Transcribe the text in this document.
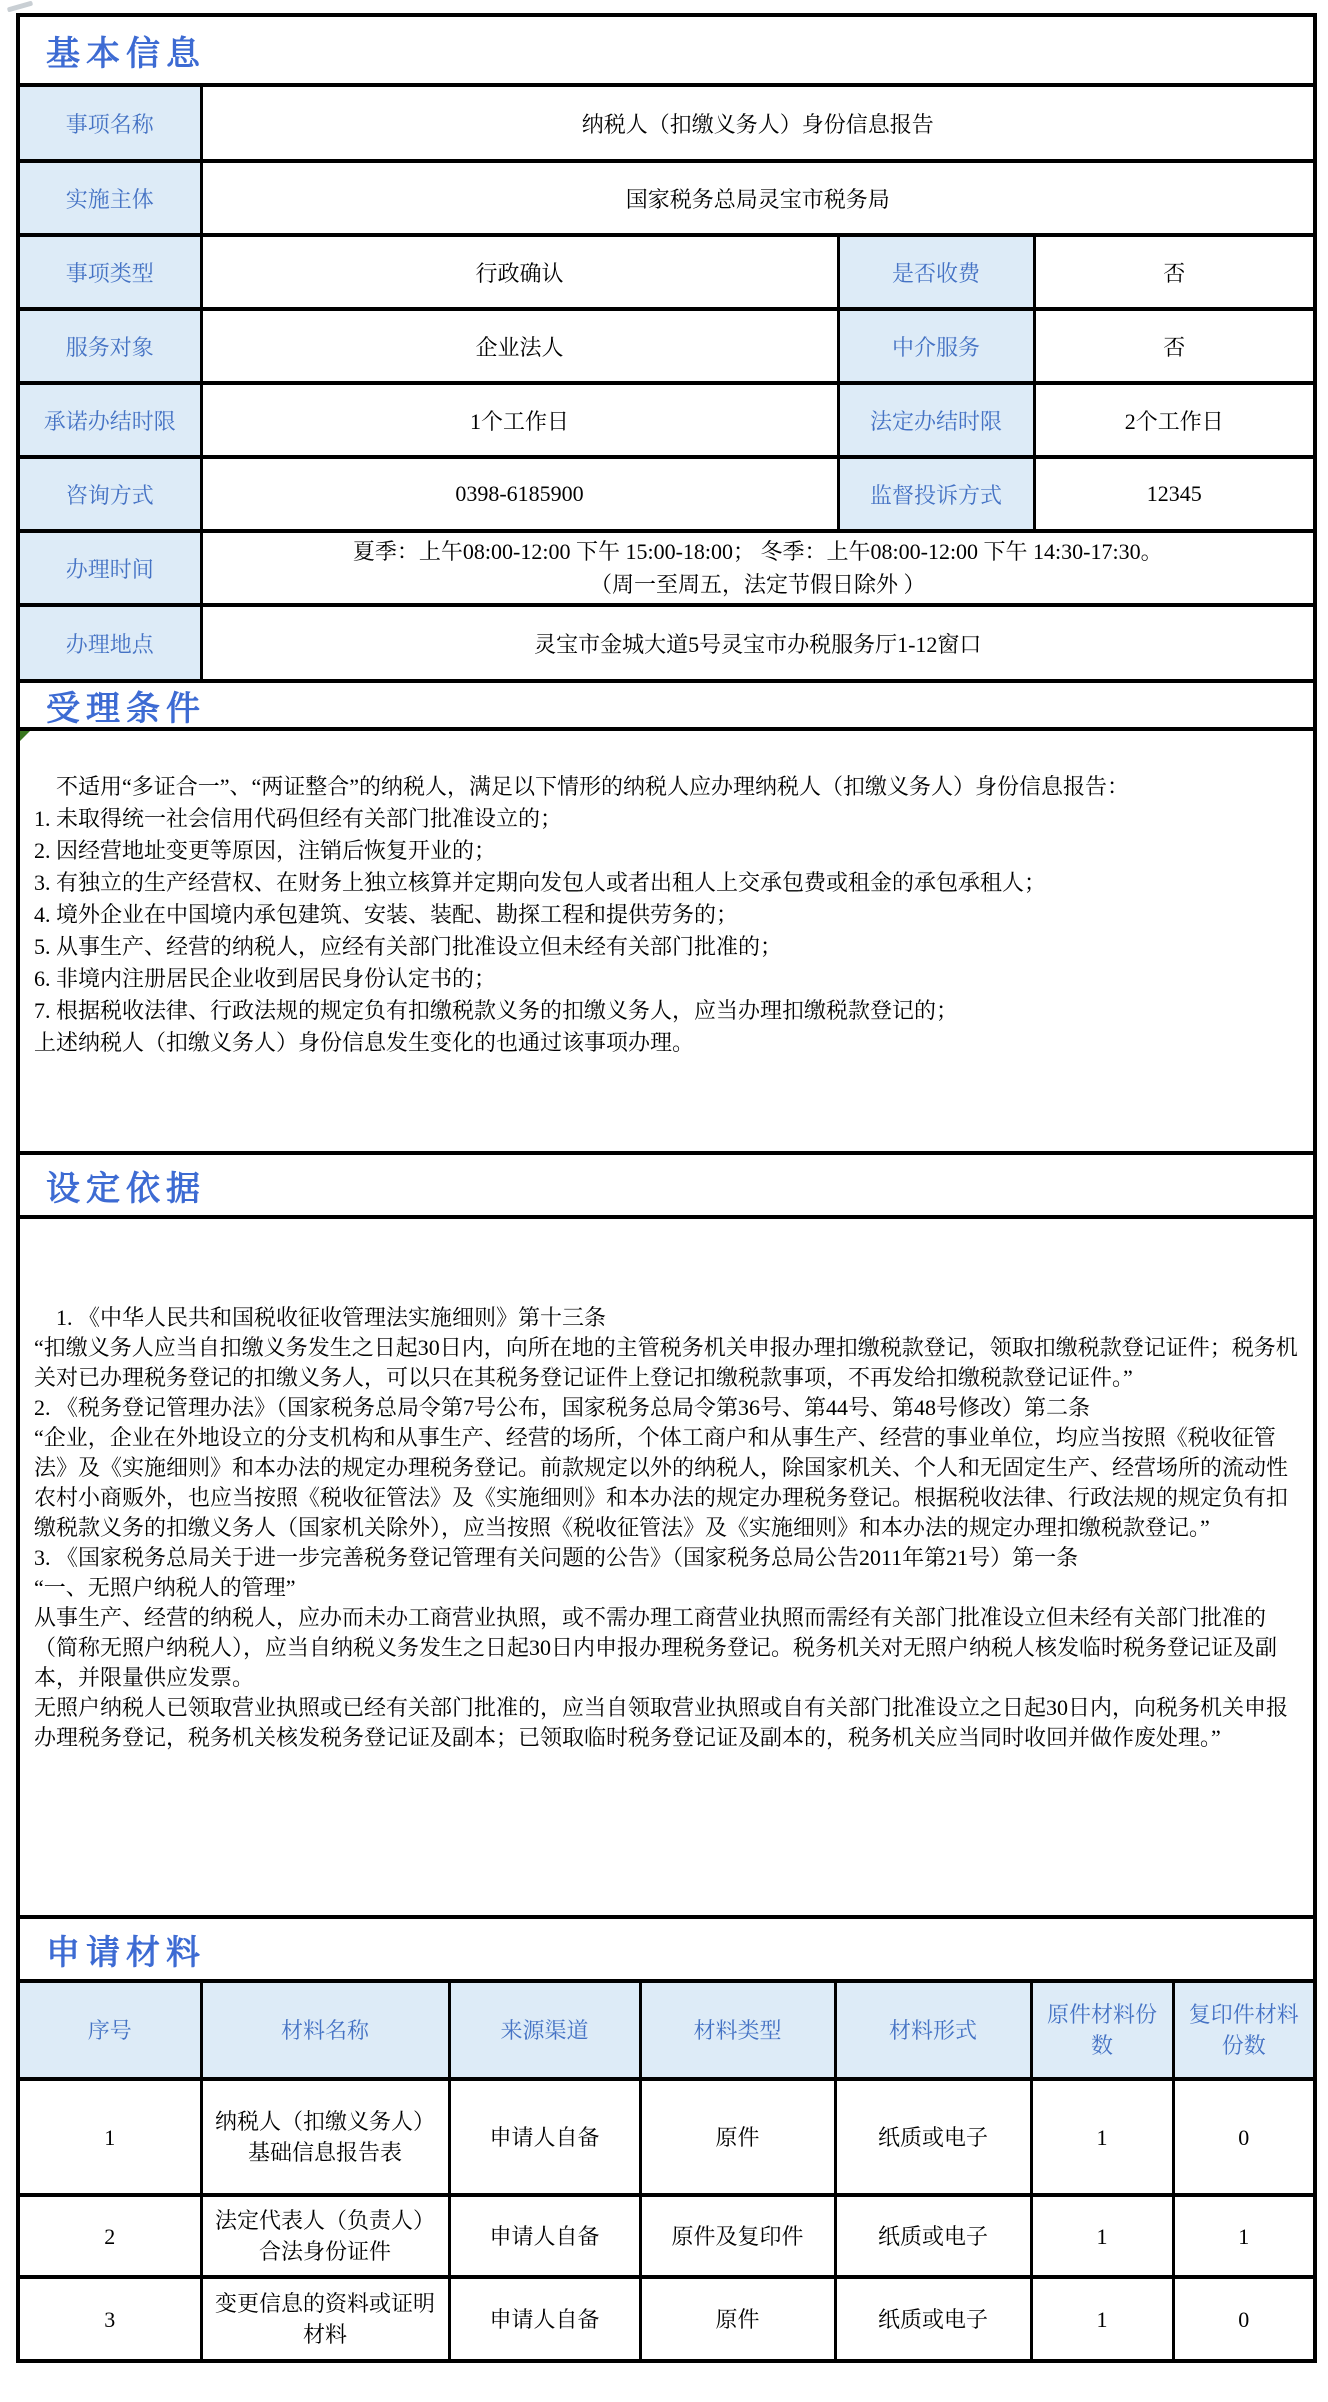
基本信息
事项名称	纳税人（扣缴义务人）身份信息报告		
实施主体	国家税务总局灵宝市税务局		
事项类型	行政确认	是否收费	否
服务对象	企业法人	中介服务	否
承诺办结时限	1个工作日	法定办结时限	2个工作日
咨询方式	0398-6185900	监督投诉方式	12345
办理时间	夏季：上午08:00-12:00 下午 15:00-18:00； 冬季：上午08:00-12:00 下午 14:30-17:30。
（周一至周五，法定节假日除外 ）		
办理地点	灵宝市金城大道5号灵宝市办税服务厅1-12窗口		
受理条件

不适用“多证合一”、“两证整合”的纳税人，满足以下情形的纳税人应办理纳税人（扣缴义务人）身份信息报告：
1. 未取得统一社会信用代码但经有关部门批准设立的；
2. 因经营地址变更等原因，注销后恢复开业的；
3. 有独立的生产经营权、在财务上独立核算并定期向发包人或者出租人上交承包费或租金的承包承租人；
4. 境外企业在中国境内承包建筑、安装、装配、勘探工程和提供劳务的；
5. 从事生产、经营的纳税人，应经有关部门批准设立但未经有关部门批准的；
6. 非境内注册居民企业收到居民身份认定书的；
7. 根据税收法律、行政法规的规定负有扣缴税款义务的扣缴义务人，应当办理扣缴税款登记的；
上述纳税人（扣缴义务人）身份信息发生变化的也通过该事项办理。

设定依据

1. 《中华人民共和国税收征收管理法实施细则》第十三条
“扣缴义务人应当自扣缴义务发生之日起30日内，向所在地的主管税务机关申报办理扣缴税款登记，领取扣缴税款登记证件；税务机关对已办理税务登记的扣缴义务人，可以只在其税务登记证件上登记扣缴税款事项，不再发给扣缴税款登记证件。”
2. 《税务登记管理办法》（国家税务总局令第7号公布，国家税务总局令第36号、第44号、第48号修改）第二条
“企业，企业在外地设立的分支机构和从事生产、经营的场所，个体工商户和从事生产、经营的事业单位，均应当按照《税收征管法》及《实施细则》和本办法的规定办理税务登记。前款规定以外的纳税人，除国家机关、个人和无固定生产、经营场所的流动性农村小商贩外，也应当按照《税收征管法》及《实施细则》和本办法的规定办理税务登记。根据税收法律、行政法规的规定负有扣缴税款义务的扣缴义务人（国家机关除外），应当按照《税收征管法》及《实施细则》和本办法的规定办理扣缴税款登记。”
3. 《国家税务总局关于进一步完善税务登记管理有关问题的公告》（国家税务总局公告2011年第21号）第一条
“一、无照户纳税人的管理”
从事生产、经营的纳税人，应办而未办工商营业执照，或不需办理工商营业执照而需经有关部门批准设立但未经有关部门批准的（简称无照户纳税人），应当自纳税义务发生之日起30日内申报办理税务登记。税务机关对无照户纳税人核发临时税务登记证及副本，并限量供应发票。
无照户纳税人已领取营业执照或已经有关部门批准的，应当自领取营业执照或自有关部门批准设立之日起30日内，向税务机关申报办理税务登记，税务机关核发税务登记证及副本；已领取临时税务登记证及副本的，税务机关应当同时收回并做作废处理。”

申请材料
序号	材料名称	来源渠道	材料类型	材料形式	原件材料份数	复印件材料份数
1	纳税人（扣缴义务人）基础信息报告表	申请人自备	原件	纸质或电子	1	0
2	法定代表人（负责人）合法身份证件	申请人自备	原件及复印件	纸质或电子	1	1
3	变更信息的资料或证明材料	申请人自备	原件	纸质或电子	1	0
